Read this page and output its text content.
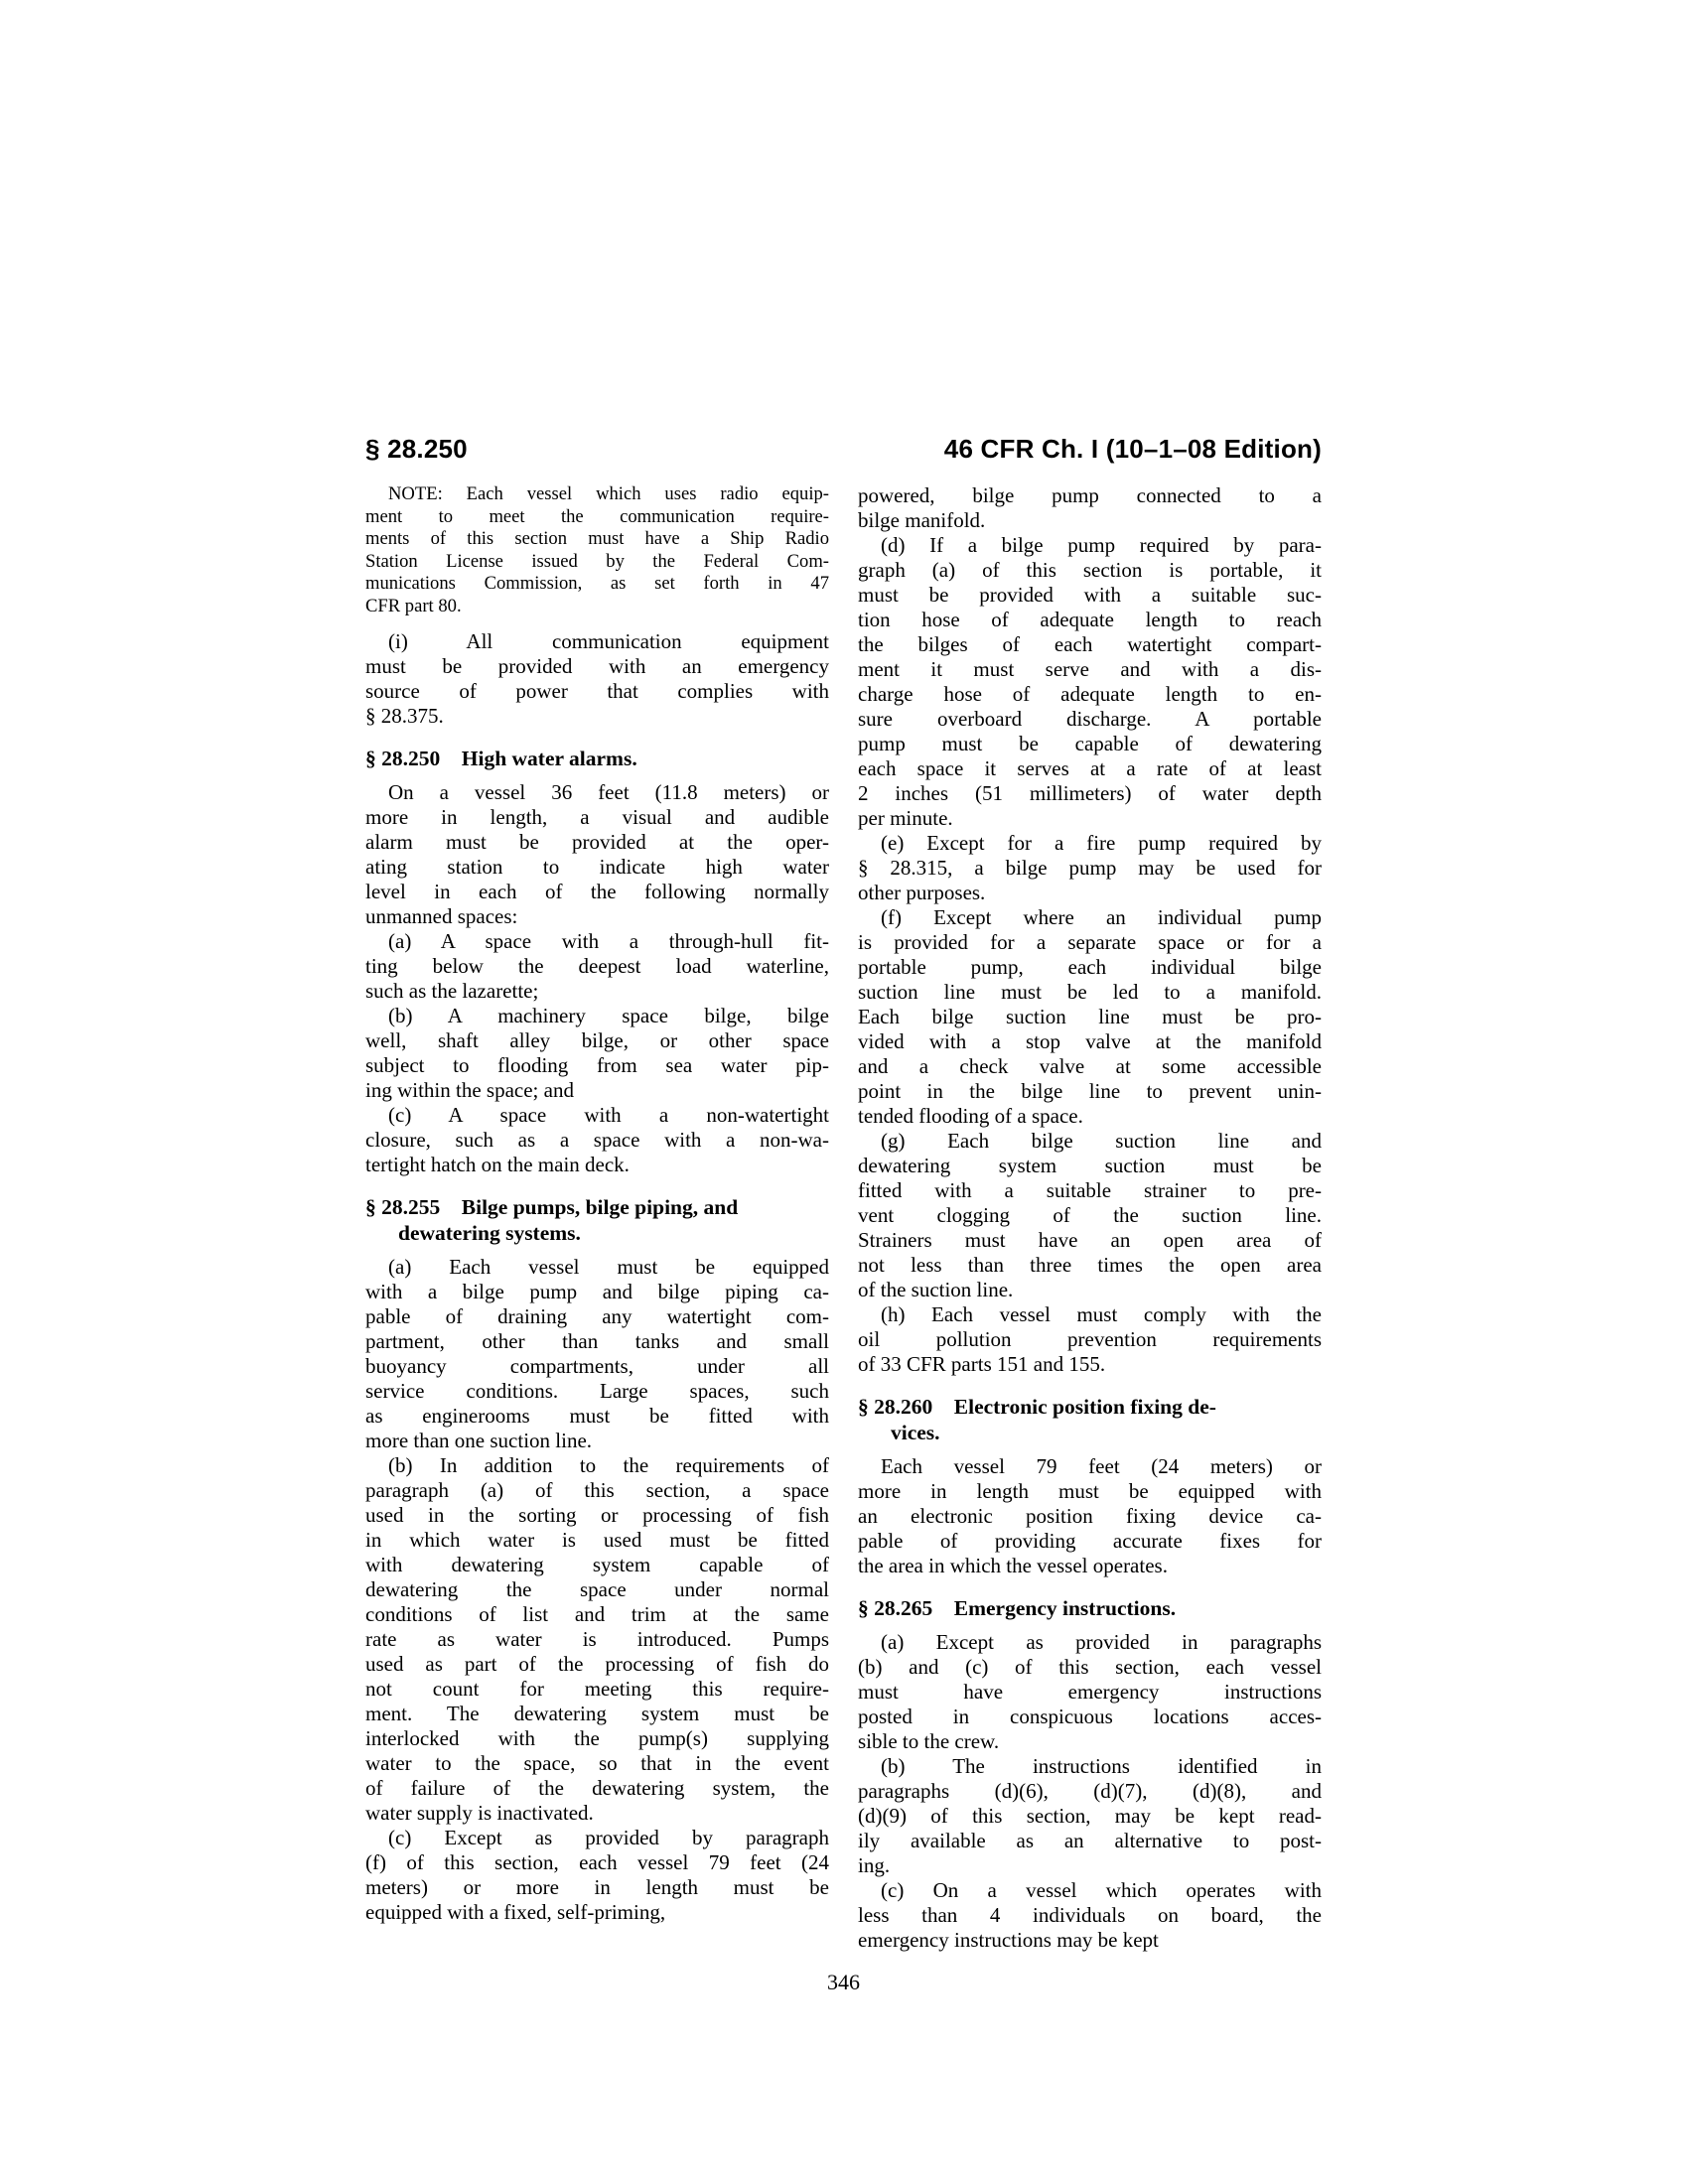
§ 28.250	46 CFR Ch. I (10–1–08 Edition)
NOTE: Each vessel which uses radio equip-
ment to meet the communication require-
ments of this section must have a Ship Radio
Station License issued by the Federal Com-
munications Commission, as set forth in 47
CFR part 80.
(i) All communication equipment
must be provided with an emergency
source of power that complies with
§ 28.375.
§ 28.250  High water alarms.
On a vessel 36 feet (11.8 meters) or
more in length, a visual and audible
alarm must be provided at the oper-
ating station to indicate high water
level in each of the following normally
unmanned spaces:
(a) A space with a through-hull fit-
ting below the deepest load waterline,
such as the lazarette;
(b) A machinery space bilge, bilge
well, shaft alley bilge, or other space
subject to flooding from sea water pip-
ing within the space; and
(c) A space with a non-watertight
closure, such as a space with a non-wa-
tertight hatch on the main deck.
§ 28.255  Bilge pumps, bilge piping, and
dewatering systems.
(a) Each vessel must be equipped
with a bilge pump and bilge piping ca-
pable of draining any watertight com-
partment, other than tanks and small
buoyancy compartments, under all
service conditions. Large spaces, such
as enginerooms must be fitted with
more than one suction line.
(b) In addition to the requirements of
paragraph (a) of this section, a space
used in the sorting or processing of fish
in which water is used must be fitted
with dewatering system capable of
dewatering the space under normal
conditions of list and trim at the same
rate as water is introduced. Pumps
used as part of the processing of fish do
not count for meeting this require-
ment. The dewatering system must be
interlocked with the pump(s) supplying
water to the space, so that in the event
of failure of the dewatering system, the
water supply is inactivated.
(c) Except as provided by paragraph
(f) of this section, each vessel 79 feet (24
meters) or more in length must be
equipped with a fixed, self-priming,
powered, bilge pump connected to a
bilge manifold.
(d) If a bilge pump required by para-
graph (a) of this section is portable, it
must be provided with a suitable suc-
tion hose of adequate length to reach
the bilges of each watertight compart-
ment it must serve and with a dis-
charge hose of adequate length to en-
sure overboard discharge. A portable
pump must be capable of dewatering
each space it serves at a rate of at least
2 inches (51 millimeters) of water depth
per minute.
(e) Except for a fire pump required by
§ 28.315, a bilge pump may be used for
other purposes.
(f) Except where an individual pump
is provided for a separate space or for a
portable pump, each individual bilge
suction line must be led to a manifold.
Each bilge suction line must be pro-
vided with a stop valve at the manifold
and a check valve at some accessible
point in the bilge line to prevent unin-
tended flooding of a space.
(g) Each bilge suction line and
dewatering system suction must be
fitted with a suitable strainer to pre-
vent clogging of the suction line.
Strainers must have an open area of
not less than three times the open area
of the suction line.
(h) Each vessel must comply with the
oil pollution prevention requirements
of 33 CFR parts 151 and 155.
§ 28.260  Electronic position fixing de-
vices.
Each vessel 79 feet (24 meters) or
more in length must be equipped with
an electronic position fixing device ca-
pable of providing accurate fixes for
the area in which the vessel operates.
§ 28.265  Emergency instructions.
(a) Except as provided in paragraphs
(b) and (c) of this section, each vessel
must have emergency instructions
posted in conspicuous locations acces-
sible to the crew.
(b) The instructions identified in
paragraphs (d)(6), (d)(7), (d)(8), and
(d)(9) of this section, may be kept read-
ily available as an alternative to post-
ing.
(c) On a vessel which operates with
less than 4 individuals on board, the
emergency instructions may be kept
346
